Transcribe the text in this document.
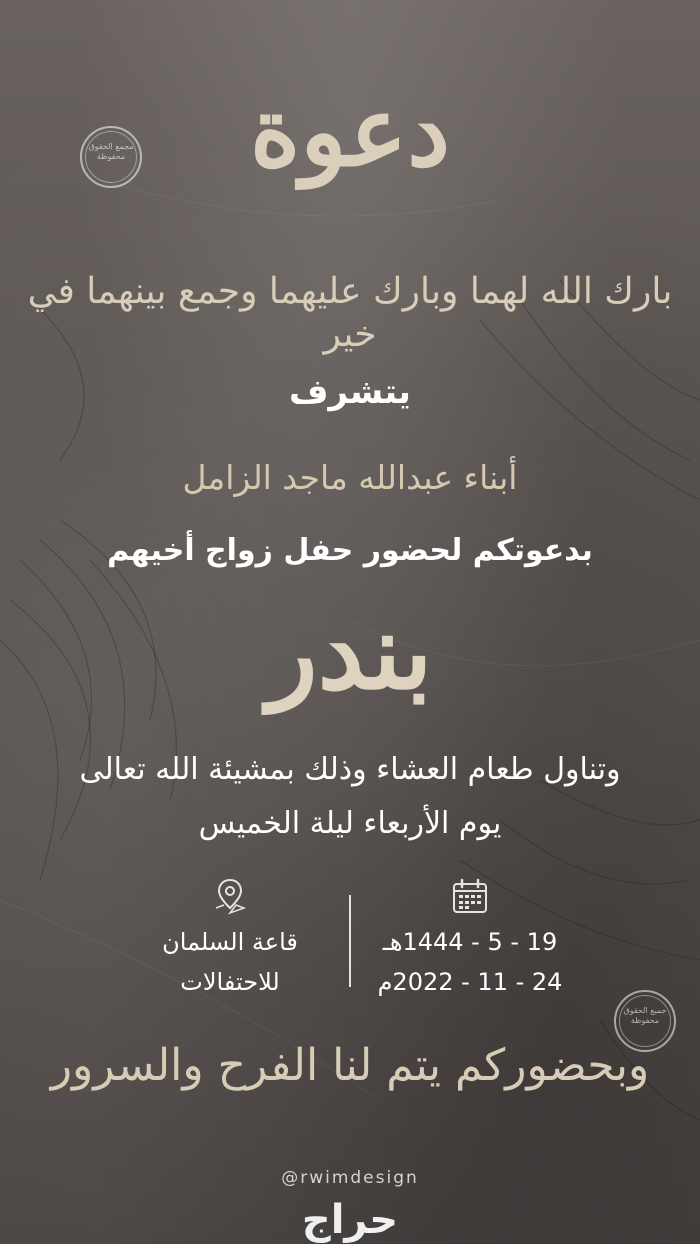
مجمع الحقوق محفوظة	دعوة
بارك الله لهما وبارك عليهما وجمع بينهما في خير
يتشرف
أبناء عبدالله ماجد الزامل
بدعوتكم لحضور حفل زواج أخيهم
بندر
وتناول طعام العشاء وذلك بمشيئة الله تعالى
يوم الأربعاء ليلة الخميس
19 - 5 - 1444هـ
24 - 11 - 2022م
قاعة السلمان
للاحتفالات
جميع الحقوق محفوظة
وبحضوركم يتم لنا الفرح والسرور
@rwimdesign
حراج
